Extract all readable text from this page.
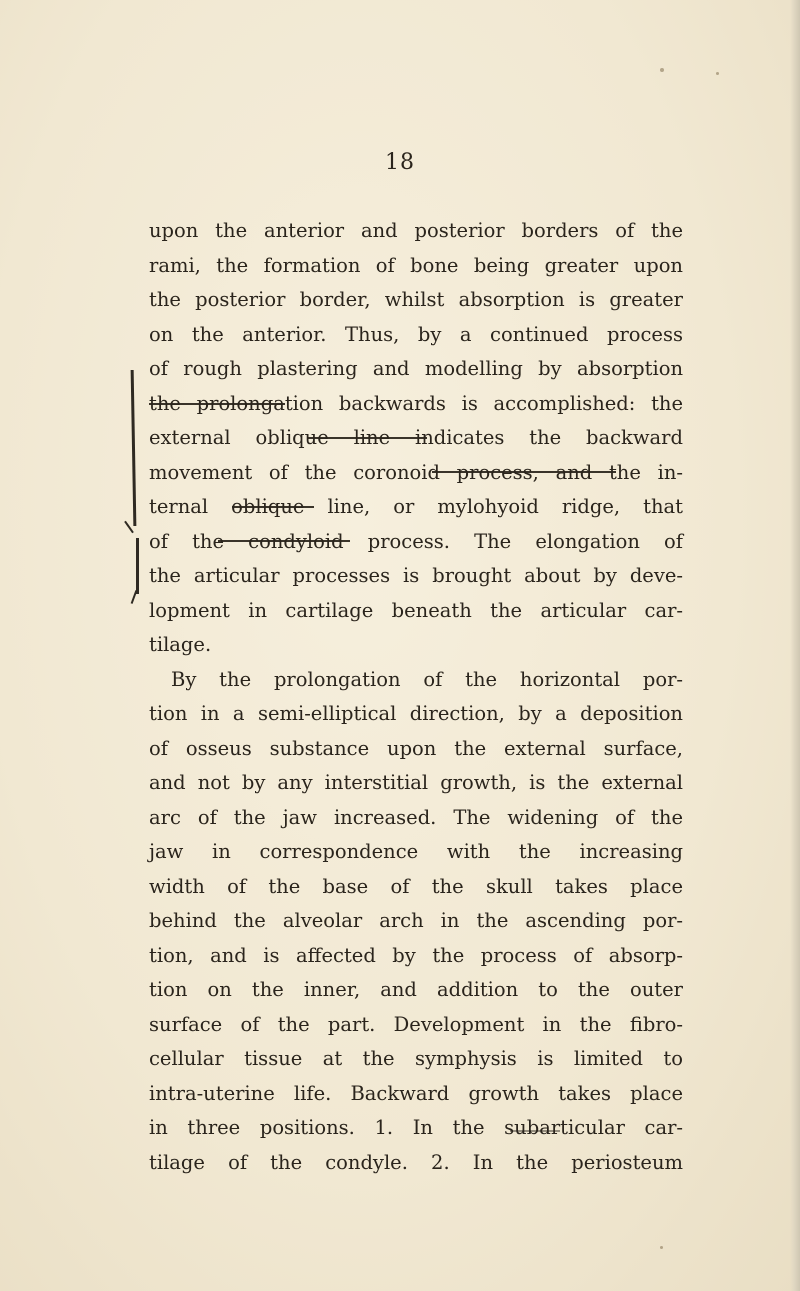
18
upon the anterior and posterior borders of the
rami, the formation of bone being greater upon
the posterior border, whilst absorption is greater
on the anterior. Thus, by a continued process
of rough plastering and modelling by absorption
the prolongation backwards is accomplished: the
external oblique line indicates the backward
movement of the coronoid process, and the in-
ternal oblique line, or mylohyoid ridge, that
of the condyloid process. The elongation of
the articular processes is brought about by deve-
lopment in cartilage beneath the articular car-
tilage.
By the prolongation of the horizontal por-
tion in a semi-elliptical direction, by a deposition
of osseus substance upon the external surface,
and not by any interstitial growth, is the external
arc of the jaw increased. The widening of the
jaw in correspondence with the increasing
width of the base of the skull takes place
behind the alveolar arch in the ascending por-
tion, and is affected by the process of absorp-
tion on the inner, and addition to the outer
surface of the part. Development in the fibro-
cellular tissue at the symphysis is limited to
intra-uterine life. Backward growth takes place
in three positions. 1. In the subarticular car-
tilage of the condyle. 2. In the periosteum
